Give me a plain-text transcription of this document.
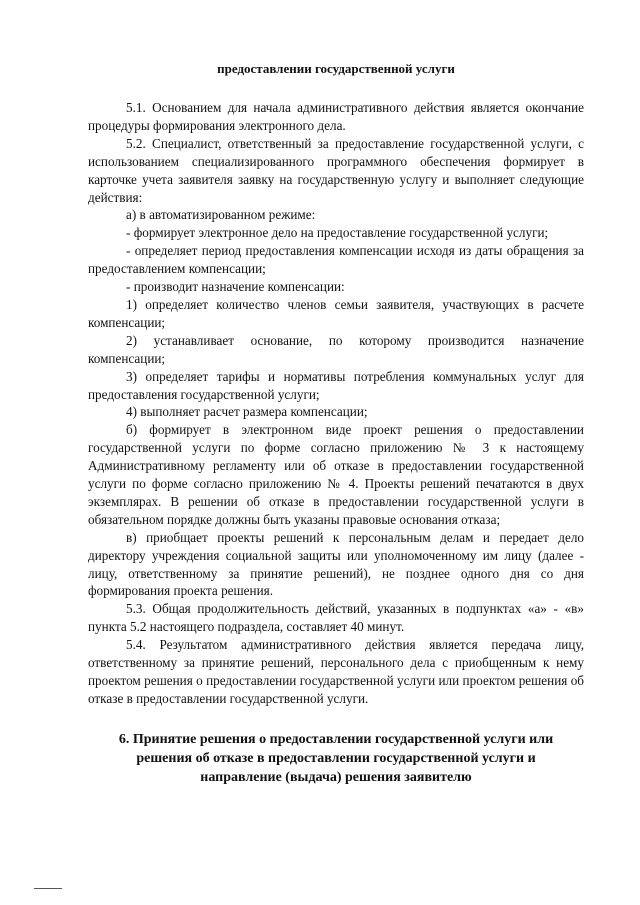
предоставлении государственной услуги

5.1. Основанием для начала административного действия является окончание процедуры формирования электронного дела.

5.2. Специалист, ответственный за предоставление государственной услуги, с использованием специализированного программного обеспечения формирует в карточке учета заявителя заявку на государственную услугу и выполняет следующие действия:

а) в автоматизированном режиме:

- формирует электронное дело на предоставление государственной услуги;

- определяет период предоставления компенсации исходя из даты обращения за предоставлением компенсации;

- производит назначение компенсации:

1) определяет количество членов семьи заявителя, участвующих в расчете компенсации;

2) устанавливает основание, по которому производится назначение компенсации;

3) определяет тарифы и нормативы потребления коммунальных услуг для предоставления государственной услуги;

4) выполняет расчет размера компенсации;

б) формирует в электронном виде проект решения о предоставлении государственной услуги по форме согласно приложению № 3 к настоящему Административному регламенту или об отказе в предоставлении государственной услуги по форме согласно приложению № 4. Проекты решений печатаются в двух экземплярах. В решении об отказе в предоставлении государственной услуги в обязательном порядке должны быть указаны правовые основания отказа;

в) приобщает проекты решений к персональным делам и передает дело директору учреждения социальной защиты или уполномоченному им лицу (далее - лицу, ответственному за принятие решений), не позднее одного дня со дня формирования проекта решения.

5.3. Общая продолжительность действий, указанных в подпунктах «а» - «в» пункта 5.2 настоящего подраздела, составляет 40 минут.

5.4. Результатом административного действия является передача лицу, ответственному за принятие решений, персонального дела с приобщенным к нему проектом решения о предоставлении государственной услуги или проектом решения об отказе в предоставлении государственной услуги.

6. Принятие решения о предоставлении государственной услуги или
решения об отказе в предоставлении государственной услуги и
направление (выдача) решения заявителю
